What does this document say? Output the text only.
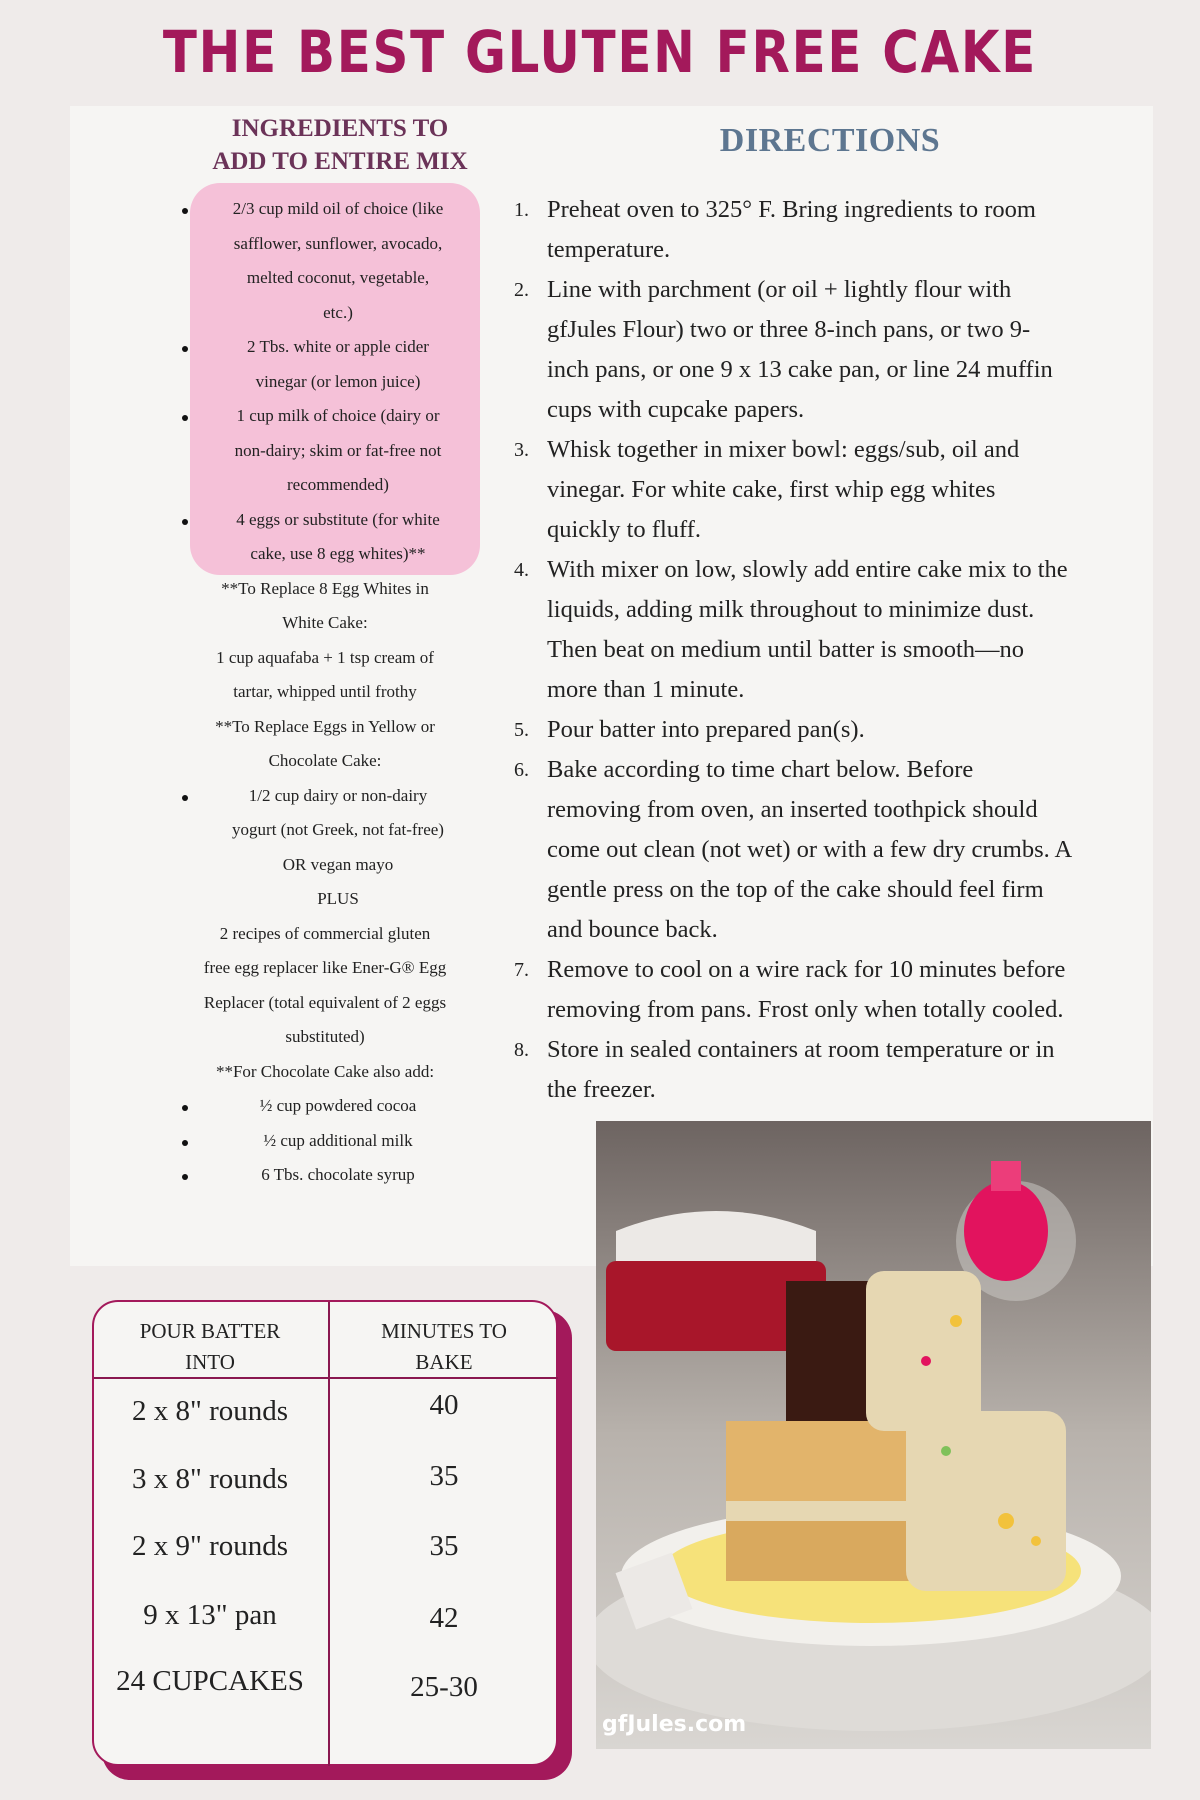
THE BEST GLUTEN FREE CAKE
INGREDIENTS TO
ADD TO ENTIRE MIX
2/3 cup mild oil of choice (like
safflower, sunflower, avocado,
melted coconut, vegetable,
etc.)
2 Tbs. white or apple cider
vinegar (or lemon juice)
1 cup milk of choice (dairy or
non-dairy; skim or fat-free not
recommended)
4 eggs or substitute (for white
cake, use 8 egg whites)**
**To Replace 8 Egg Whites in
White Cake:
1 cup aquafaba + 1 tsp cream of
tartar, whipped until frothy
**To Replace Eggs in Yellow or
Chocolate Cake:
1/2 cup dairy or non-dairy
yogurt (not Greek, not fat-free)
OR vegan mayo
PLUS
2 recipes of commercial gluten
free egg replacer like Ener-G® Egg
Replacer (total equivalent of 2 eggs
substituted)
**For Chocolate Cake also add:
½ cup powdered cocoa
½ cup additional milk
6 Tbs. chocolate syrup
DIRECTIONS
1. Preheat oven to 325° F. Bring ingredients to room
temperature.
2. Line with parchment (or oil + lightly flour with
gfJules Flour) two or three 8-inch pans, or two 9-
inch pans, or one 9 x 13 cake pan, or line 24 muffin
cups with cupcake papers.
3. Whisk together in mixer bowl: eggs/sub, oil and
vinegar. For white cake, first whip egg whites
quickly to fluff.
4. With mixer on low, slowly add entire cake mix to the
liquids, adding milk throughout to minimize dust.
Then beat on medium until batter is smooth—no
more than 1 minute.
5. Pour batter into prepared pan(s).
6. Bake according to time chart below. Before
removing from oven, an inserted toothpick should
come out clean (not wet) or with a few dry crumbs. A
gentle press on the top of the cake should feel firm
and bounce back.
7. Remove to cool on a wire rack for 10 minutes before
removing from pans. Frost only when totally cooled.
8. Store in sealed containers at room temperature or in
the freezer.
POUR BATTER
INTO
MINUTES TO
BAKE
2 x 8" rounds	40
3 x 8" rounds	35
2 x 9" rounds	35
9 x 13" pan	42
24 CUPCAKES	25-30
gfJules.com
